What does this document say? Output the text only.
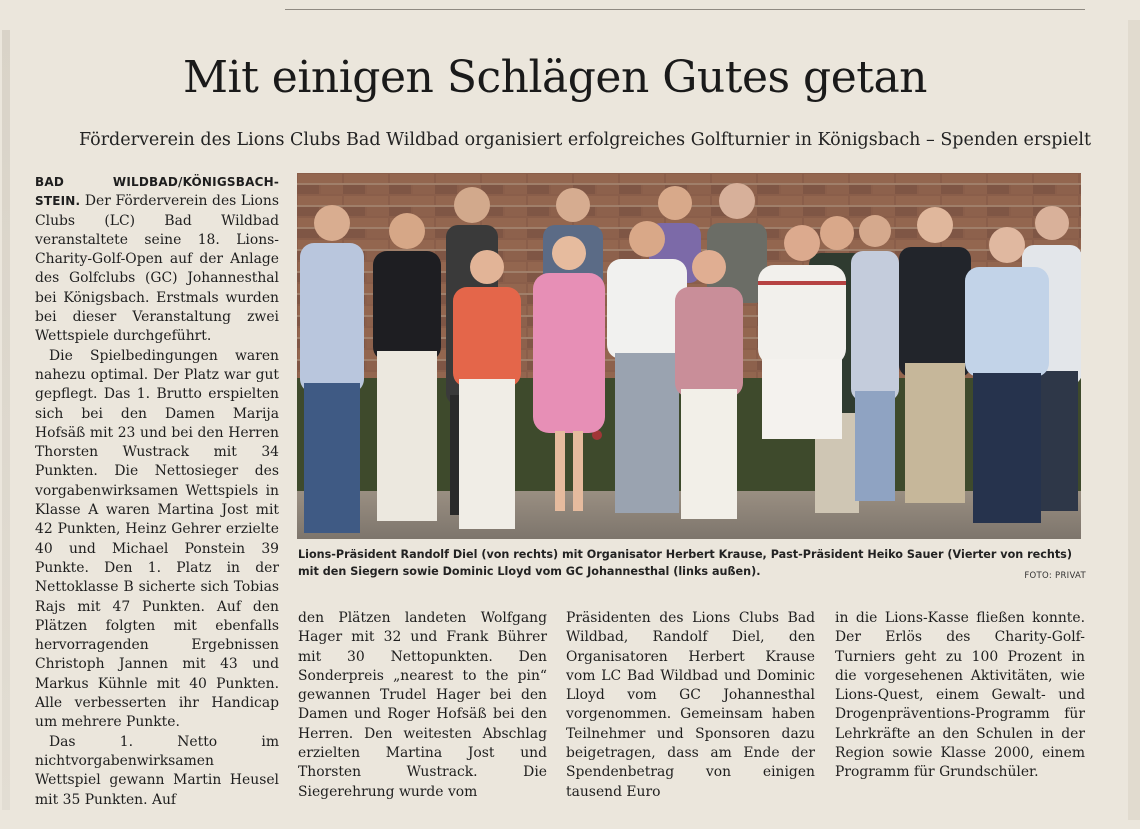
Mit einigen Schlägen Gutes getan
Förderverein des Lions Clubs Bad Wildbad organisiert erfolgreiches Golfturnier in Königsbach – Spenden erspielt

BAD WILDBAD/KÖNIGSBACH-STEIN. Der Förderverein des Lions Clubs (LC) Bad Wildbad veranstaltete seine 18. Lions-Charity-Golf-Open auf der Anlage des Golfclubs (GC) Johannesthal bei Königsbach. Erstmals wurden bei dieser Veranstaltung zwei Wettspiele durchgeführt.

Die Spielbedingungen waren nahezu optimal. Der Platz war gut gepflegt. Das 1. Brutto erspielten sich bei den Damen Marija Hofsäß mit 23 und bei den Herren Thorsten Wustrack mit 34 Punkten. Die Nettosieger des vorgabenwirksamen Wettspiels in Klasse A waren Martina Jost mit 42 Punkten, Heinz Gehrer erzielte 40 und Michael Ponstein 39 Punkte. Den 1. Platz in der Nettoklasse B sicherte sich Tobias Rajs mit 47 Punkten. Auf den Plätzen folgten mit ebenfalls hervorragenden Ergebnissen Christoph Jannen mit 43 und Markus Kühnle mit 40 Punkten. Alle verbesserten ihr Handicap um mehrere Punkte.

Das 1. Netto im nichtvorgabenwirksamen Wettspiel gewann Martin Heusel mit 35 Punkten. Auf

Lions-Präsident Randolf Diel (von rechts) mit Organisator Herbert Krause, Past-Präsident Heiko Sauer (Vierter von rechts) mit den Siegern sowie Dominic Lloyd vom GC Johannesthal (links außen).	FOTO: PRIVAT

den Plätzen landeten Wolfgang Hager mit 32 und Frank Bührer mit 30 Nettopunkten. Den Sonderpreis „nearest to the pin“ gewannen Trudel Hager bei den Damen und Roger Hofsäß bei den Herren. Den weitesten Abschlag erzielten Martina Jost und Thorsten Wustrack. Die Siegerehrung wurde vom

Präsidenten des Lions Clubs Bad Wildbad, Randolf Diel, den Organisatoren Herbert Krause vom LC Bad Wildbad und Dominic Lloyd vom GC Johannesthal vorgenommen. Gemeinsam haben Teilnehmer und Sponsoren dazu beigetragen, dass am Ende der Spendenbetrag von einigen tausend Euro

in die Lions-Kasse fließen konnte. Der Erlös des Charity-Golf-Turniers geht zu 100 Prozent in die vorgesehenen Aktivitäten, wie Lions-Quest, einem Gewalt- und Drogenpräventions-Programm für Lehrkräfte an den Schulen in der Region sowie Klasse 2000, einem Programm für Grundschüler.
